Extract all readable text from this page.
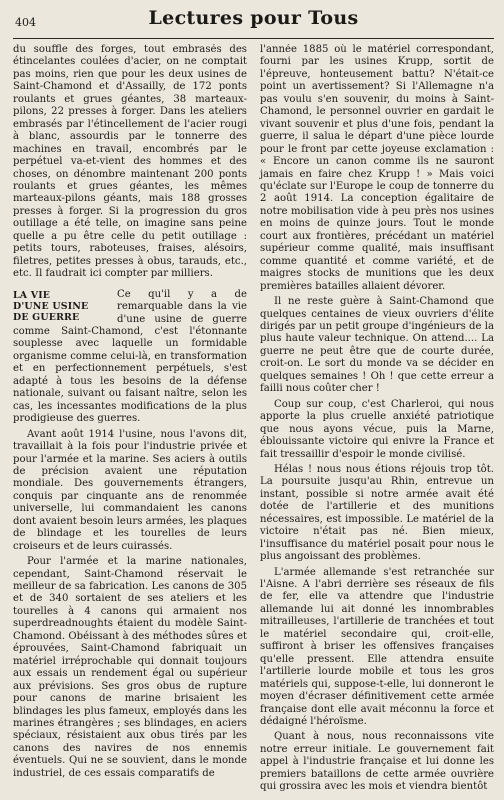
404	Lectures pour Tous

du souffle des forges, tout embrasés des étincelantes coulées d'acier, on ne comptait pas moins, rien que pour les deux usines de Saint-Chamond et d'Assailly, de 172 ponts roulants et grues géantes, 38 marteaux-pilons, 22 presses à forger. Dans les ateliers embrasés par l'étincellement de l'acier rougi à blanc, assourdis par le tonnerre des machines en travail, encombrés par le perpétuel va-et-vient des hommes et des choses, on dénombre maintenant 200 ponts roulants et grues géantes, les mêmes marteaux-pilons géants, mais 188 grosses presses à forger. Si la progression du gros outillage a été telle, on imagine sans peine quelle a pu être celle du petit outillage : petits tours, raboteuses, fraises, alésoirs, filetres, petites presses à obus, tarauds, etc., etc. Il faudrait ici compter par milliers.

LA VIE
D'UNE USINE
DE GUERRE

Ce qu'il y a de remarquable dans la vie d'une usine de guerre comme Saint-Chamond, c'est l'étonnante souplesse avec laquelle un formidable organisme comme celui-là, en transformation et en perfectionnement perpétuels, s'est adapté à tous les besoins de la défense nationale, suivant ou faisant naître, selon les cas, les incessantes modifications de la plus prodigieuse des guerres.

Avant août 1914 l'usine, nous l'avons dit, travaillait à la fois pour l'industrie privée et pour l'armée et la marine. Ses aciers à outils de précision avaient une réputation mondiale. Des gouvernements étrangers, conquis par cinquante ans de renommée universelle, lui commandaient les canons dont avaient besoin leurs armées, les plaques de blindage et les tourelles de leurs croiseurs et de leurs cuirassés.

Pour l'armée et la marine nationales, cependant, Saint-Chamond réservait le meilleur de sa fabrication. Les canons de 305 et de 340 sortaient de ses ateliers et les tourelles à 4 canons qui armaient nos superdreadnoughts étaient du modèle Saint-Chamond. Obéissant à des méthodes sûres et éprouvées, Saint-Chamond fabriquait un matériel irréprochable qui donnait toujours aux essais un rendement égal ou supérieur aux prévisions. Ses gros obus de rupture pour canons de marine brisaient les blindages les plus fameux, employés dans les marines étrangères ; ses blindages, en aciers spéciaux, résistaient aux obus tirés par les canons des navires de nos ennemis éventuels. Qui ne se souvient, dans le monde industriel, de ces essais comparatifs de

l'année 1885 où le matériel correspondant, fourni par les usines Krupp, sortit de l'épreuve, honteusement battu? N'était-ce point un avertissement? Si l'Allemagne n'a pas voulu s'en souvenir, du moins à Saint-Chamond, le personnel ouvrier en gardait le vivant souvenir et plus d'une fois, pendant la guerre, il salua le départ d'une pièce lourde pour le front par cette joyeuse exclamation : « Encore un canon comme ils ne sauront jamais en faire chez Krupp ! » Mais voici qu'éclate sur l'Europe le coup de tonnerre du 2 août 1914. La conception égalitaire de notre mobilisation vide à peu près nos usines en moins de quinze jours. Tout le monde court aux frontières, précédant un matériel supérieur comme qualité, mais insuffisant comme quantité et comme variété, et de maigres stocks de munitions que les deux premières batailles allaient dévorer.

Il ne reste guère à Saint-Chamond que quelques centaines de vieux ouvriers d'élite dirigés par un petit groupe d'ingénieurs de la plus haute valeur technique. On attend.... La guerre ne peut être que de courte durée, croit-on. Le sort du monde va se décider en quelques semaines ! Oh ! que cette erreur a failli nous coûter cher !

Coup sur coup, c'est Charleroi, qui nous apporte la plus cruelle anxiété patriotique que nous ayons vécue, puis la Marne, éblouissante victoire qui enivre la France et fait tressaillir d'espoir le monde civilisé.

Hélas ! nous nous étions réjouis trop tôt. La poursuite jusqu'au Rhin, entrevue un instant, possible si notre armée avait été dotée de l'artillerie et des munitions nécessaires, est impossible. Le matériel de la victoire n'était pas né. Bien mieux, l'insuffisance du matériel posait pour nous le plus angoissant des problèmes.

L'armée allemande s'est retranchée sur l'Aisne. A l'abri derrière ses réseaux de fils de fer, elle va attendre que l'industrie allemande lui ait donné les innombrables mitrailleuses, l'artillerie de tranchées et tout le matériel secondaire qui, croit-elle, suffiront à briser les offensives françaises qu'elle pressent. Elle attendra ensuite l'artillerie lourde mobile et tous les gros matériels qui, suppose-t-elle, lui donneront le moyen d'écraser définitivement cette armée française dont elle avait méconnu la force et dédaigné l'héroïsme.

Quant à nous, nous reconnaissons vite notre erreur initiale. Le gouvernement fait appel à l'industrie française et lui donne les premiers bataillons de cette armée ouvrière qui grossira avec les mois et viendra bientôt
